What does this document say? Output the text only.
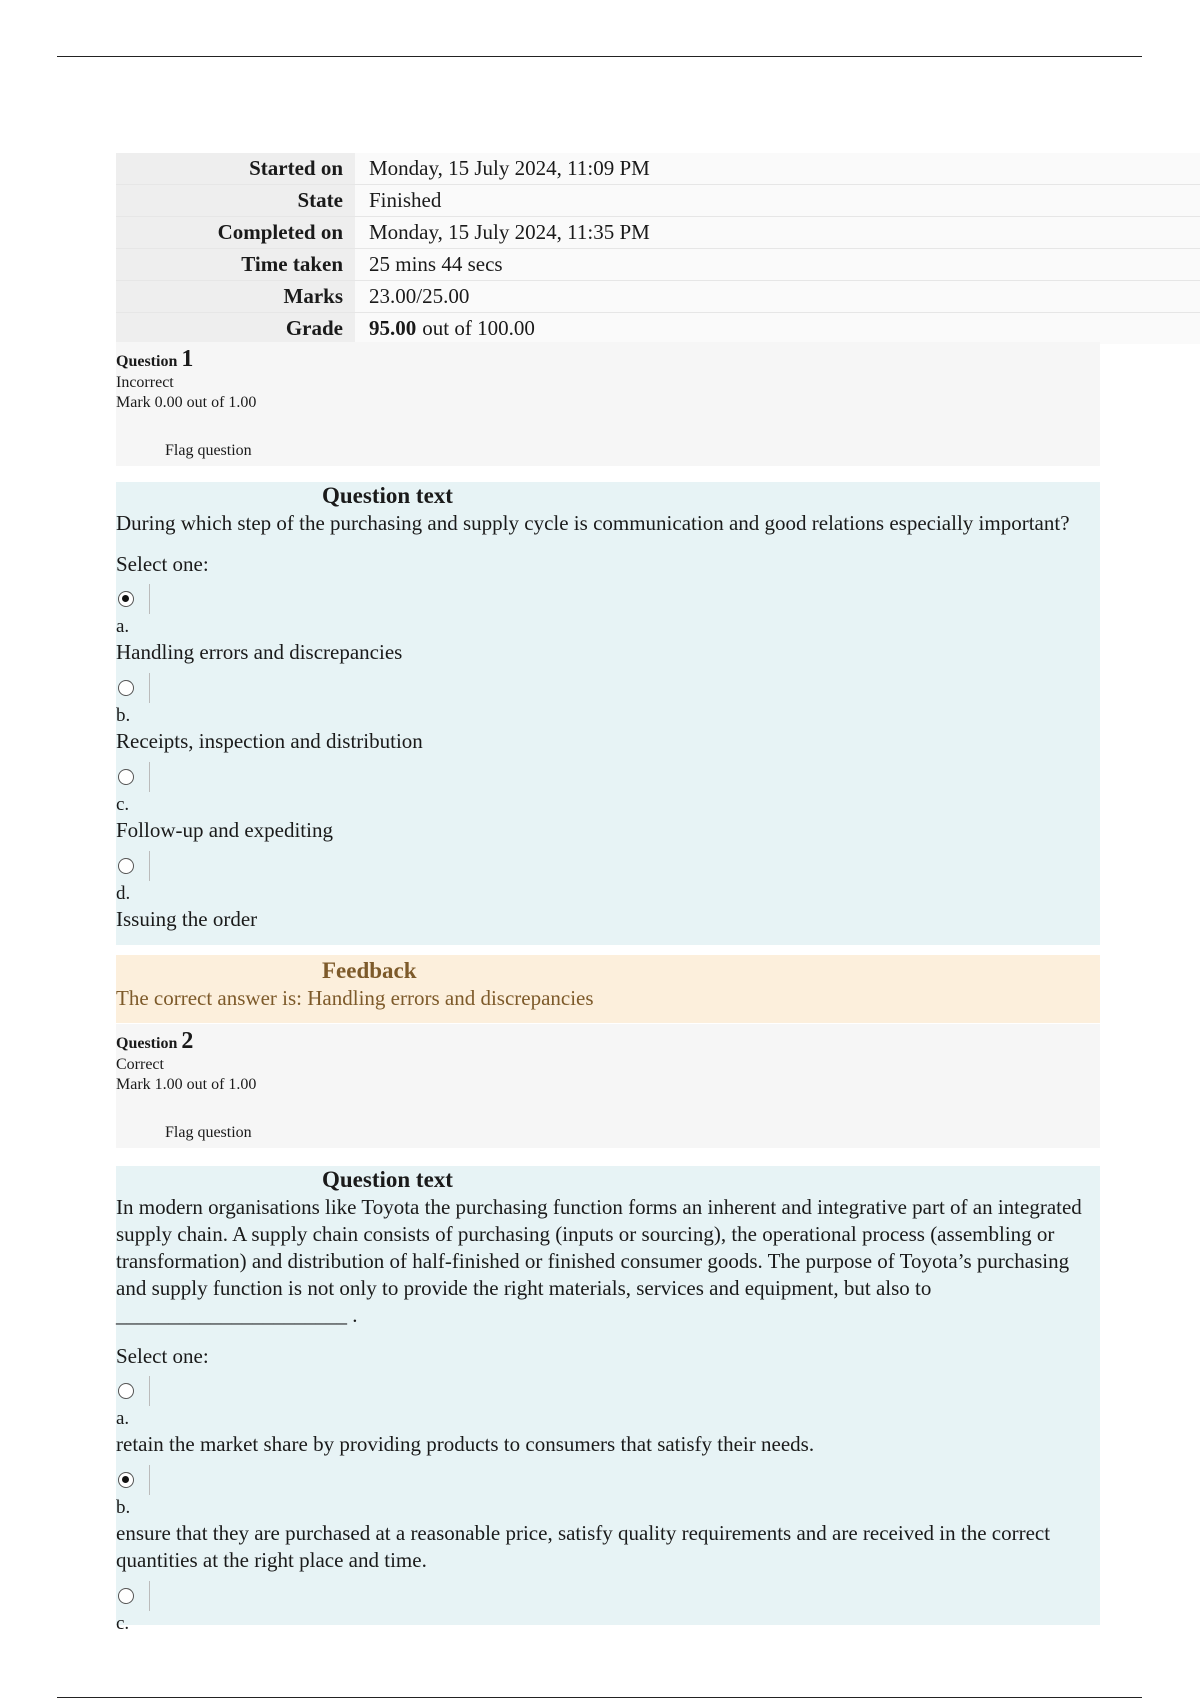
Started on	Monday, 15 July 2024, 11:09 PM
State	Finished
Completed on	Monday, 15 July 2024, 11:35 PM
Time taken	25 mins 44 secs
Marks	23.00/25.00
Grade	95.00 out of 100.00
Question 1
Incorrect
Mark 0.00 out of 1.00
Flag question
Question text

During which step of the purchasing and supply cycle is communication and good relations especially important?

Select one:
a.
Handling errors and discrepancies
b.
Receipts, inspection and distribution
c.
Follow-up and expediting
d.
Issuing the order
Feedback
The correct answer is: Handling errors and discrepancies
Question 2
Correct
Mark 1.00 out of 1.00
Flag question
Question text

In modern organisations like Toyota the purchasing function forms an inherent and integrative part of an integrated supply chain. A supply chain consists of purchasing (inputs or sourcing), the operational process (assembling or transformation) and distribution of half-finished or finished consumer goods. The purpose of Toyota’s purchasing and supply function is not only to provide the right materials, services and equipment, but also to ______________________ .

Select one:
a.
retain the market share by providing products to consumers that satisfy their needs.
b.
ensure that they are purchased at a reasonable price, satisfy quality requirements and are received in the correct quantities at the right place and time.
c.
